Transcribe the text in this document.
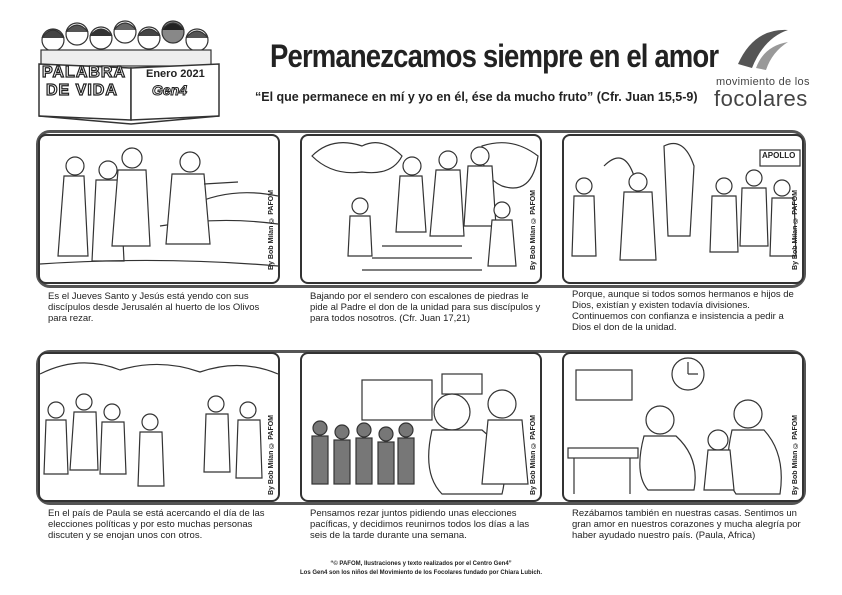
PALABRA
DE VIDA
Enero 2021
Gen4
Permanezcamos siempre en el amor
“El que permanece en mí y yo en él, ése da mucho fruto” (Cfr. Juan 15,5-9)
movimiento de los
focolares
By Bob Milan © PAFOM	By Bob Milan © PAFOM
APOLLO
By Bob Milan © PAFOM
By Bob Milan © PAFOM	By Bob Milan © PAFOM	By Bob Milan © PAFOM
Es el Jueves Santo y Jesús está yendo con sus discípulos desde Jerusalén al huerto de los Olivos para rezar.
Bajando por el sendero con escalones de piedras le pide al Padre el don de la unidad para sus discípulos y para todos nosotros. (Cfr. Juan 17,21)
Porque, aunque si todos somos hermanos e hijos de Dios, existían y existen todavía divisiones. Continuemos con confianza e insistencia a pedir a Dios el don de la unidad.
En el país de Paula se está acercando el día de las elecciones políticas y por esto muchas personas discuten y se enojan unos con otros.
Pensamos rezar juntos pidiendo unas elecciones pacíficas, y decidimos reunirnos todos los días a las seis de la tarde durante una semana.
Rezábamos también en nuestras casas. Sentimos un gran amor en nuestros corazones y mucha alegría por haber ayudado nuestro país. (Paula, Africa)
“© PAFOM, Ilustraciones y texto realizados por el Centro Gen4”
Los Gen4 son los niños del Movimiento de los Focolares fundado por Chiara Lubich.
